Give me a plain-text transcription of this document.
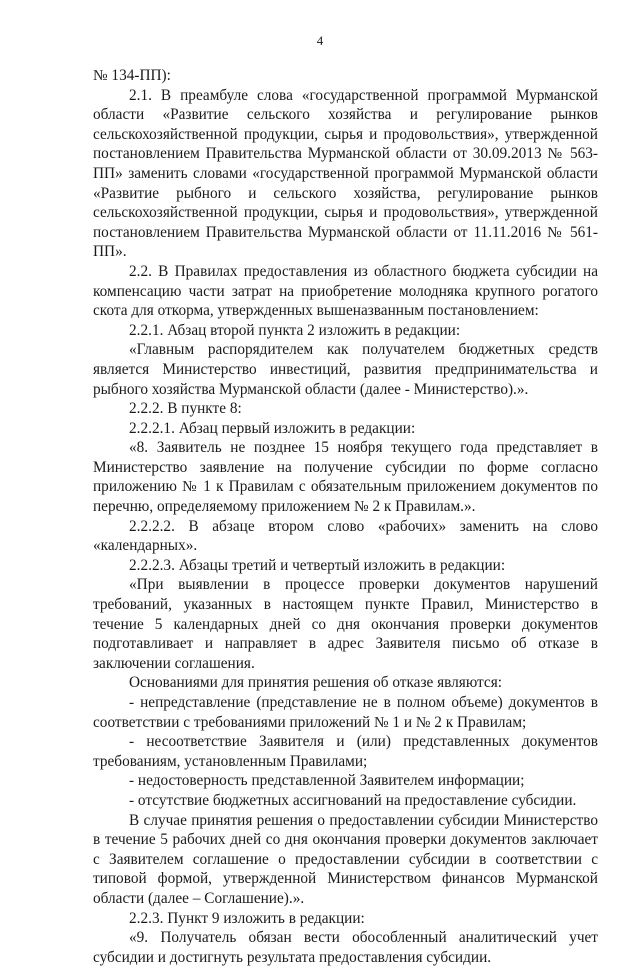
4

№ 134-ПП):

2.1. В преамбуле слова «государственной программой Мурманской области «Развитие сельского хозяйства и регулирование рынков сельскохозяйственной продукции, сырья и продовольствия», утвержденной постановлением Правительства Мурманской области от 30.09.2013 № 563-ПП» заменить словами «государственной программой Мурманской области «Развитие рыбного и сельского хозяйства, регулирование рынков сельскохозяйственной продукции, сырья и продовольствия», утвержденной постановлением Правительства Мурманской области от 11.11.2016 № 561-ПП».

2.2. В Правилах предоставления из областного бюджета субсидии на компенсацию части затрат на приобретение молодняка крупного рогатого скота для откорма, утвержденных вышеназванным постановлением:

2.2.1. Абзац второй пункта 2 изложить в редакции:

«Главным распорядителем как получателем бюджетных средств является Министерство инвестиций, развития предпринимательства и рыбного хозяйства Мурманской области (далее - Министерство).».

2.2.2. В пункте 8:

2.2.2.1. Абзац первый изложить в редакции:

«8. Заявитель не позднее 15 ноября текущего года представляет в Министерство заявление на получение субсидии по форме согласно приложению № 1 к Правилам с обязательным приложением документов по перечню, определяемому приложением № 2 к Правилам.».

2.2.2.2. В абзаце втором слово «рабочих» заменить на слово «календарных».

2.2.2.3. Абзацы третий и четвертый изложить в редакции:

«При выявлении в процессе проверки документов нарушений требований, указанных в настоящем пункте Правил, Министерство в течение 5 календарных дней со дня окончания проверки документов подготавливает и направляет в адрес Заявителя письмо об отказе в заключении соглашения.

Основаниями для принятия решения об отказе являются:

- непредставление (представление не в полном объеме) документов в соответствии с требованиями приложений № 1 и № 2 к Правилам;

- несоответствие Заявителя и (или) представленных документов требованиям, установленным Правилами;

- недостоверность представленной Заявителем информации;

- отсутствие бюджетных ассигнований на предоставление субсидии.

В случае принятия решения о предоставлении субсидии Министерство в течение 5 рабочих дней со дня окончания проверки документов заключает с Заявителем соглашение о предоставлении субсидии в соответствии с типовой формой, утвержденной Министерством финансов Мурманской области (далее – Соглашение).».

2.2.3. Пункт 9 изложить в редакции:

«9. Получатель обязан вести обособленный аналитический учет субсидии и достигнуть результата предоставления субсидии.
